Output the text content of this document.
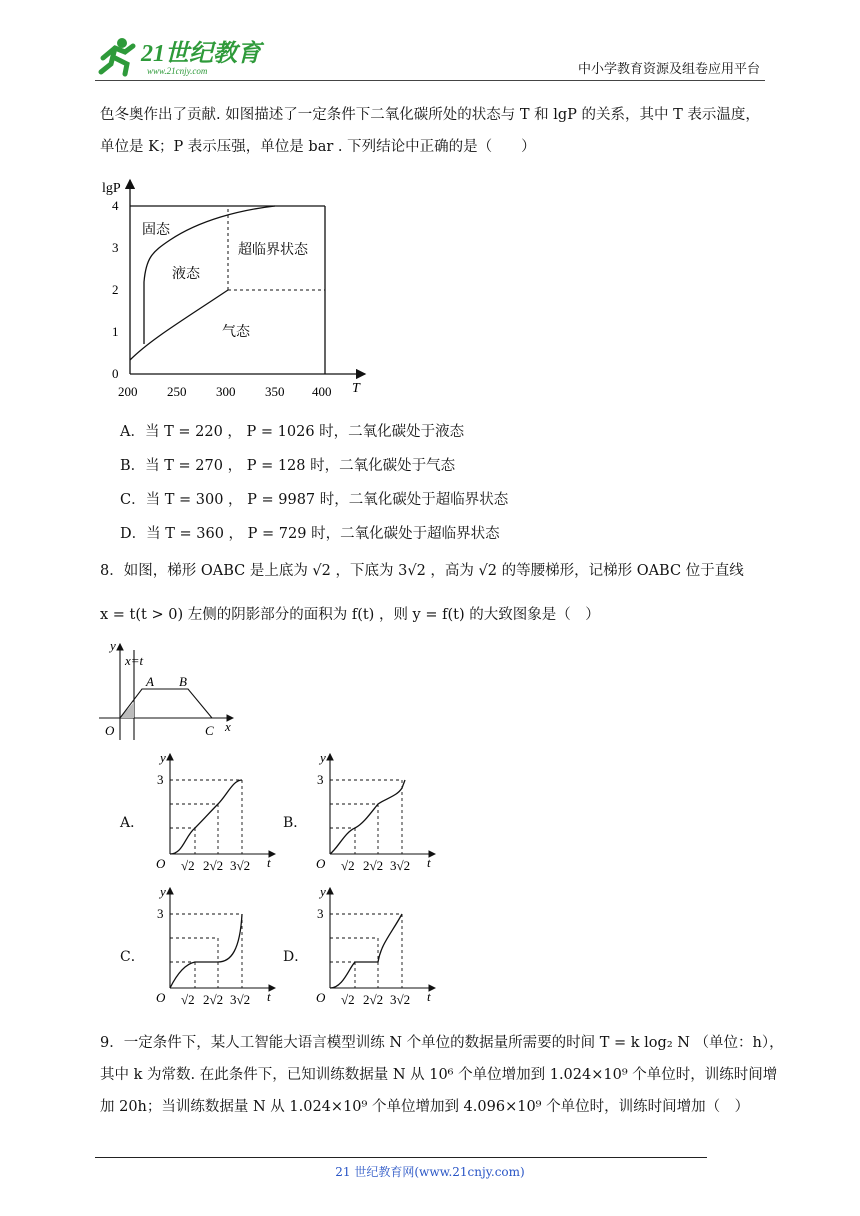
21世纪教育
www.21cnjy.com	中小学教育资源及组卷应用平台
色冬奥作出了贡献. 如图描述了一定条件下二氧化碳所处的状态与 T 和 lgP 的关系，其中 T 表示温度，
单位是 K；P 表示压强，单位是 bar . 下列结论中正确的是（　　）
lgP
T
0
1
2
3
4
200 250 300 350 400
固态
液态
超临界状态
气态
A．当 T = 220 ， P = 1026 时，二氧化碳处于液态
B．当 T = 270 ， P = 128 时，二氧化碳处于气态
C．当 T = 300 ， P = 9987 时，二氧化碳处于超临界状态
D．当 T = 360 ， P = 729 时，二氧化碳处于超临界状态
8．如图，梯形 OABC 是上底为 √2 ，下底为 3√2 ，高为 √2 的等腰梯形，记梯形 OABC 位于直线
x = t(t > 0) 左侧的阴影部分的面积为 f(t) ，则 y = f(t) 的大致图象是（　）
y
x=t
A B
O	C x
A．	B．
C．	D．
y
3
O √2 2√2 3√2 t
y
3
O √2 2√2 3√2 t
y
3
O √2 2√2 3√2 t
y
3
O √2 2√2 3√2 t
9．一定条件下，某人工智能大语言模型训练 N 个单位的数据量所需要的时间 T = k log₂ N （单位：h），
其中 k 为常数. 在此条件下，已知训练数据量 N 从 10⁶ 个单位增加到 1.024×10⁹ 个单位时，训练时间增
加 20h；当训练数据量 N 从 1.024×10⁹ 个单位增加到 4.096×10⁹ 个单位时，训练时间增加（　）
21 世纪教育网(www.21cnjy.com)
